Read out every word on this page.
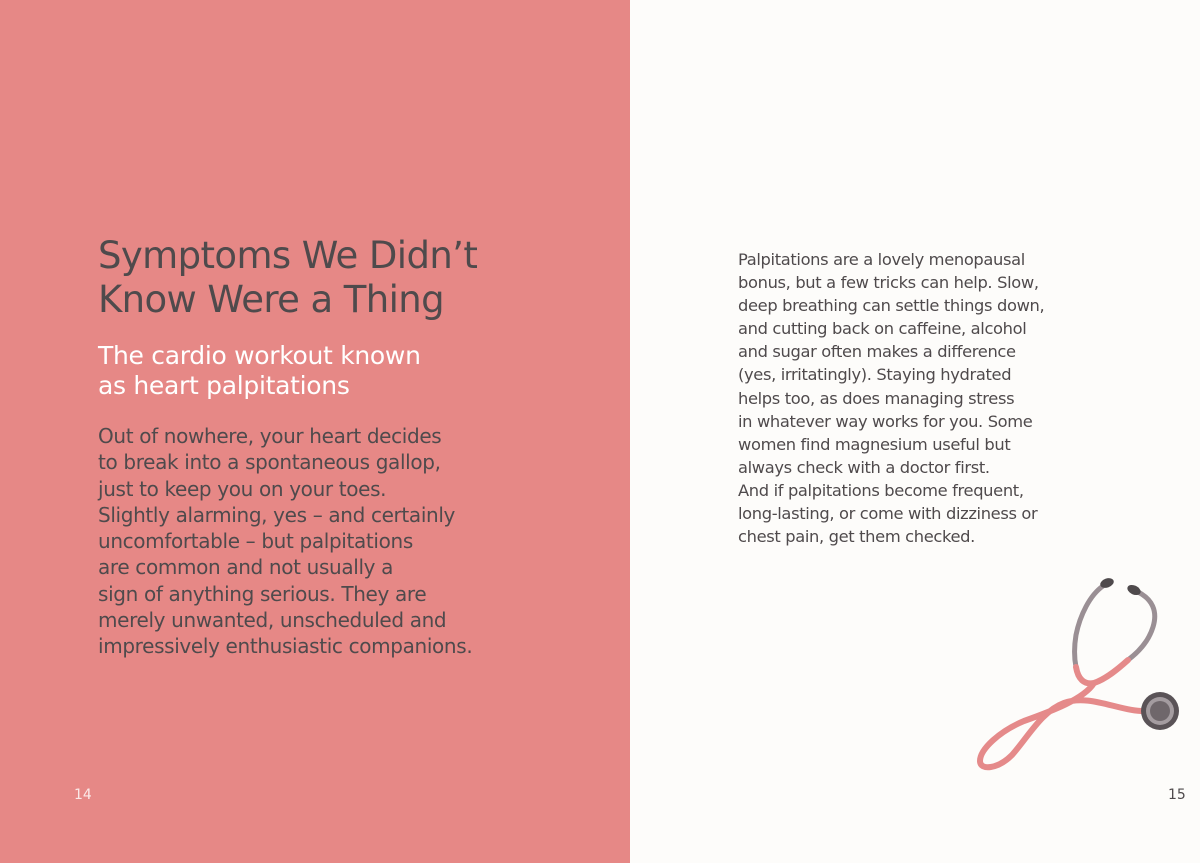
Symptoms We Didn’t
Know Were a Thing
The cardio workout known
as heart palpitations

Out of nowhere, your heart decides
to break into a spontaneous gallop,
just to keep you on your toes.
Slightly alarming, yes – and certainly
uncomfortable – but palpitations
are common and not usually a
sign of anything serious. They are
merely unwanted, unscheduled and
impressively enthusiastic companions.

14

Palpitations are a lovely menopausal
bonus, but a few tricks can help. Slow,
deep breathing can settle things down,
and cutting back on caffeine, alcohol
and sugar often makes a difference
(yes, irritatingly). Staying hydrated
helps too, as does managing stress
in whatever way works for you. Some
women find magnesium useful but
always check with a doctor first.
And if palpitations become frequent,
long-lasting, or come with dizziness or
chest pain, get them checked.

15
